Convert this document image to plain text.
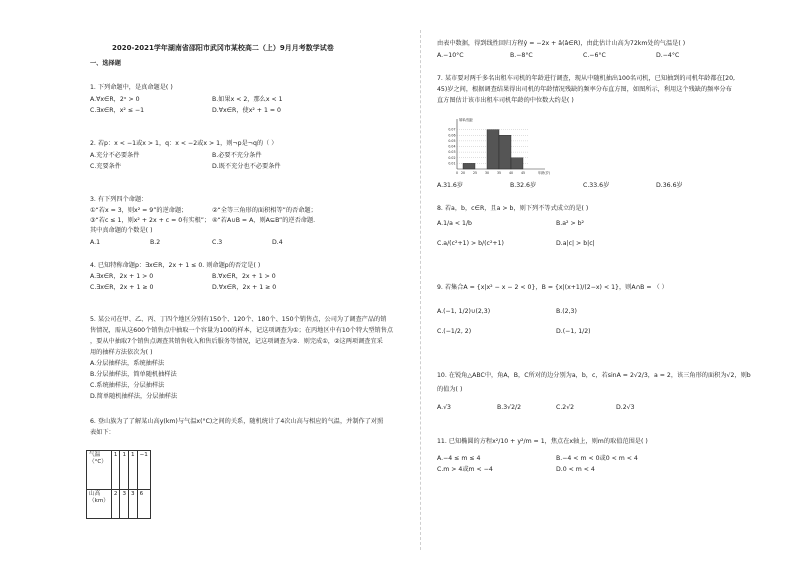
2020-2021学年湖南省邵阳市武冈市某校高二（上）9月月考数学试卷
一、选择题
1. 下列命题中，是真命题是( )
A.∀x∈R，2ˣ > 0	B.如果x < 2，那么x < 1
C.∃x∈R，x² ≤ −1	D.∀x∈R，使x² + 1 = 0
2. 若p：x < −1或x > 1，q：x < −2或x > 1，则¬p是¬q的（ ）
A.充分不必要条件	B.必要不充分条件
C.充要条件	D.既不充分也不必要条件
3. 有下列四个命题：
①“若x = 3，则x² = 9”的逆命题；	②“全等三角形的面积相等”的否命题；
③“若c ≤ 1，则x² + 2x + c = 0有实根”； ④“若A∪B = A，则A⊆B”的逆否命题.
其中真命题的个数是( )
A.1	B.2	C.3	D.4
4. 已知特称命题p：∃x∈R，2x + 1 ≤ 0. 则命题p的否定是( )
A.∃x∈R，2x + 1 > 0	B.∀x∈R，2x + 1 > 0
C.∃x∈R，2x + 1 ≥ 0	D.∀x∈R，2x + 1 ≥ 0
5. 某公司在甲、乙、丙、丁四个地区分别有150个、120个、180个、150个销售点，公司为了调查产品的销
售情况，需从这600个销售点中抽取一个容量为100的样本，记这项调查为①；在丙地区中有10个特大型销售点
，要从中抽取7个销售点调查其销售收入和售后服务等情况，记这项调查为②．则完成①，②这两项调查宜采
用的抽样方法依次为( )
A.分层抽样法，系统抽样法
B.分层抽样法，简单随机抽样法
C.系统抽样法，分层抽样法
D.简单随机抽样法，分层抽样法
6. 登山族为了了解某山高y(km)与气温x(°C)之间的关系，随机统计了4次山高与相应的气温，并制作了对照
表如下：
气温（°C）	1	1	1	−1
山高（km）	2	3	3	6
由表中数据，得到线性回归方程ŷ = −2x + â(â∈R)，由此估计山高为72km处的气温是( )
A.−10°C	B.−8°C	C.−6°C	D.−4°C
7. 某市要对两千多名出租车司机的年龄进行调查，现从中随机抽出100名司机，已知抽到的司机年龄都在[20,
45)岁之间，根据调查结果得出司机的年龄情况残缺的频率分布直方图，如图所示，利用这个残缺的频率分布
直方图估计该市出租车司机年龄的中位数大约是( )
频率/组距
0.07
0.06
0.05
0.04
0.03
0.02
0.01
0 20 25 30 35 40 45	年龄(岁)
A.31.6岁	B.32.6岁	C.33.6岁	D.36.6岁
8. 若a，b，c∈R，且a > b，则下列不等式成立的是( )
A.1/a < 1/b	B.a² > b²
C.a/(c²+1) > b/(c²+1)	D.a|c| > b|c|
9. 若集合A = {x|x² − x − 2 < 0}，B = {x|(x+1)/(2−x) < 1}，则A∩B = （ ）
A.(−1, 1/2)∪(2,3)	B.(2,3)
C.(−1/2, 2)	D.(−1, 1/2)
10. 在锐角△ABC中，角A，B，C所对的边分别为a，b，c，若sinA = 2√2/3，a = 2，该三角形的面积为√2，则b
的值为( )
A.√3	B.3√2/2	C.2√2	D.2√3
11. 已知椭圆的方程x²/10 + y²/m = 1，焦点在x轴上，则m的取值范围是( )
A.−4 ≤ m ≤ 4	B.−4 < m < 0或0 < m < 4
C.m > 4或m < −4	D.0 < m < 4
